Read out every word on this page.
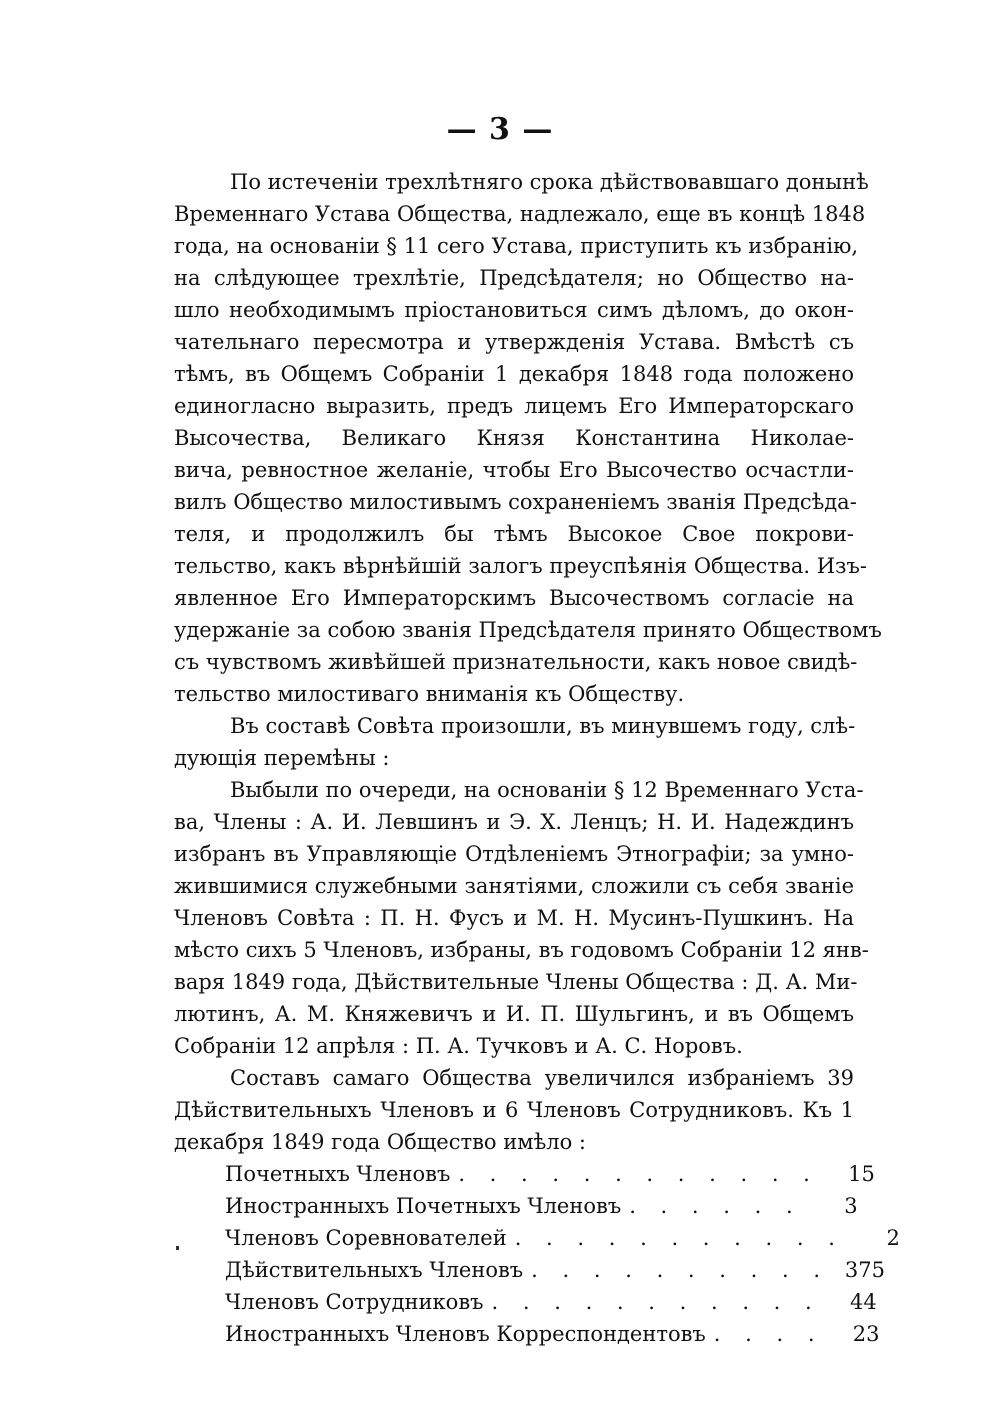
— 3 —
По истеченіи трехлѣтняго срока дѣйствовавшаго донынѣ
Временнаго Устава Общества, надлежало, еще въ концѣ 1848
года, на основаніи § 11 сего Устава, приступить къ избранію,
на слѣдующее трехлѣтіе, Предсѣдателя; но Общество на-
шло необходимымъ пріостановиться симъ дѣломъ, до окон-
чательнаго пересмотра и утвержденія Устава. Вмѣстѣ съ
тѣмъ, въ Общемъ Собраніи 1 декабря 1848 года положено
единогласно выразить, предъ лицемъ Его Императорскаго
Высочества, Великаго Князя Константина Николае-
вича, ревностное желаніе, чтобы Его Высочество осчастли-
вилъ Общество милостивымъ сохраненіемъ званія Предсѣда-
теля, и продолжилъ бы тѣмъ Высокое Свое покрови-
тельство, какъ вѣрнѣйшій залогъ преуспѣянія Общества. Изъ-
явленное Его Императорскимъ Высочествомъ согласіе на
удержаніе за собою званія Предсѣдателя принято Обществомъ
съ чувствомъ живѣйшей признательности, какъ новое свидѣ-
тельство милостиваго вниманія къ Обществу.
Въ составѣ Совѣта произошли, въ минувшемъ году, слѣ-
дующія перемѣны :
Выбыли по очереди, на основаніи § 12 Временнаго Уста-
ва, Члены : А. И. Левшинъ и Э. Х. Ленцъ; Н. И. Надеждинъ
избранъ въ Управляющіе Отдѣленіемъ Этнографіи; за умно-
жившимися служебными занятіями, сложили съ себя званіе
Членовъ Совѣта : П. Н. Фусъ и М. Н. Мусинъ-Пушкинъ. На
мѣсто сихъ 5 Членовъ, избраны, въ годовомъ Собраніи 12 янв-
варя 1849 года, Дѣйствительные Члены Общества : Д. А. Ми-
лютинъ, А. М. Княжевичъ и И. П. Шульгинъ, и въ Общемъ
Собраніи 12 апрѣля : П. А. Тучковъ и А. С. Норовъ.
Составъ самаго Общества увеличился избраніемъ 39
Дѣйствительныхъ Членовъ и 6 Членовъ Сотрудниковъ. Къ 1
декабря 1849 года Общество имѣло :
Почетныхъ Членовъ . . . . . . . . . . . .	15
Иностранныхъ Почетныхъ Членовъ . . . . . .	3
Членовъ Соревнователей . . . . . . . . . . .	2
Дѣйствительныхъ Членовъ . . . . . . . . . . 375
Членовъ Сотрудниковъ . . . . . . . . . . .	44
Иностранныхъ Членовъ Корреспондентовъ . . . .	23
